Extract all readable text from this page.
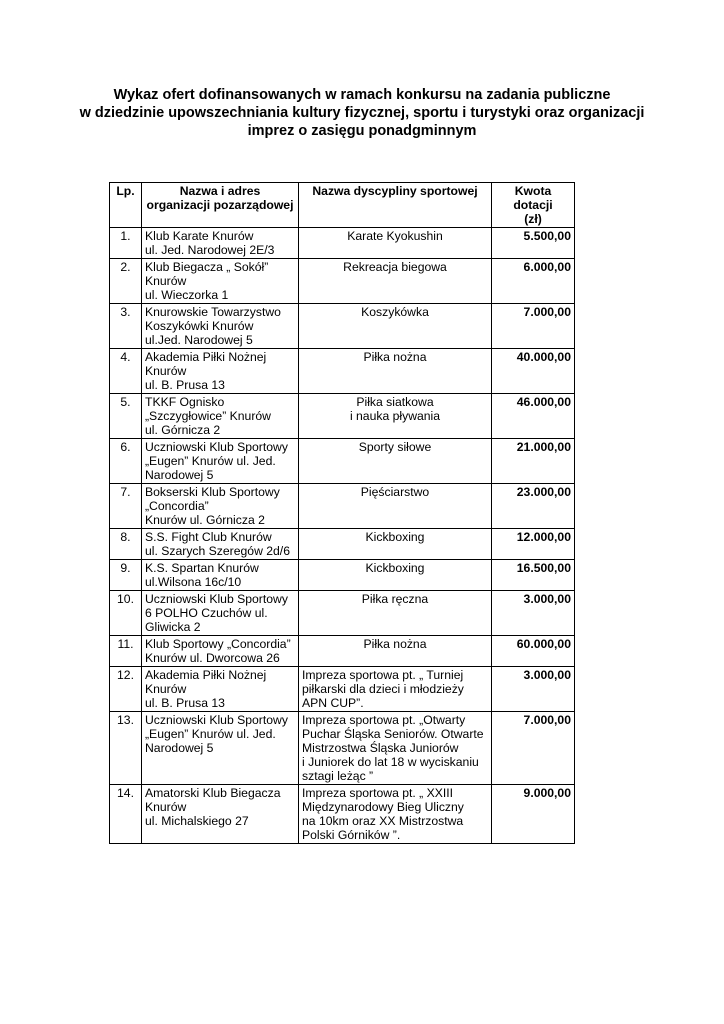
Wykaz ofert dofinansowanych w ramach konkursu na zadania publiczne
w dziedzinie upowszechniania kultury fizycznej, sportu i turystyki oraz organizacji
imprez o zasięgu ponadgminnym
Lp.	Nazwa i adres
organizacji pozarządowej	Nazwa dyscypliny sportowej	Kwota
dotacji
(zł)

1.	Klub Karate Knurów
ul. Jed. Narodowej 2E/3	Karate Kyokushin	5.500,00
2.	Klub Biegacza „ Sokół”
Knurów
ul. Wieczorka 1	Rekreacja biegowa	6.000,00
3.	Knurowskie Towarzystwo
Koszykówki Knurów
ul.Jed. Narodowej 5	Koszykówka	7.000,00
4.	Akademia Piłki Nożnej
Knurów
ul. B. Prusa 13	Piłka nożna	40.000,00
5.	TKKF Ognisko
„Szczygłowice” Knurów
ul. Górnicza 2	Piłka siatkowa
i nauka pływania	46.000,00
6.	Uczniowski Klub Sportowy
„Eugen” Knurów ul. Jed.
Narodowej 5	Sporty siłowe	21.000,00
7.	Bokserski Klub Sportowy
„Concordia”
Knurów ul. Górnicza 2	Pięściarstwo	23.000,00
8.	S.S. Fight Club Knurów
ul. Szarych Szeregów 2d/6	Kickboxing	12.000,00
9.	K.S. Spartan Knurów
ul.Wilsona 16c/10	Kickboxing	16.500,00
10.	Uczniowski Klub Sportowy
6 POLHO Czuchów ul.
Gliwicka 2	Piłka ręczna	3.000,00
11.	Klub Sportowy „Concordia”
Knurów ul. Dworcowa 26	Piłka nożna	60.000,00
12.	Akademia Piłki Nożnej
Knurów
ul. B. Prusa 13	Impreza sportowa pt. „ Turniej
piłkarski dla dzieci i młodzieży
APN CUP”.	3.000,00
13.	Uczniowski Klub Sportowy
„Eugen” Knurów ul. Jed.
Narodowej 5	Impreza sportowa pt. „Otwarty
Puchar Śląska Seniorów. Otwarte
Mistrzostwa Śląska Juniorów
i Juniorek do lat 18 w wyciskaniu
sztagi leżąc ”	7.000,00
14.	Amatorski Klub Biegacza
Knurów
ul. Michalskiego 27	Impreza sportowa pt. „ XXIII
Międzynarodowy Bieg Uliczny
na 10km oraz XX Mistrzostwa
Polski Górników ”.	9.000,00
